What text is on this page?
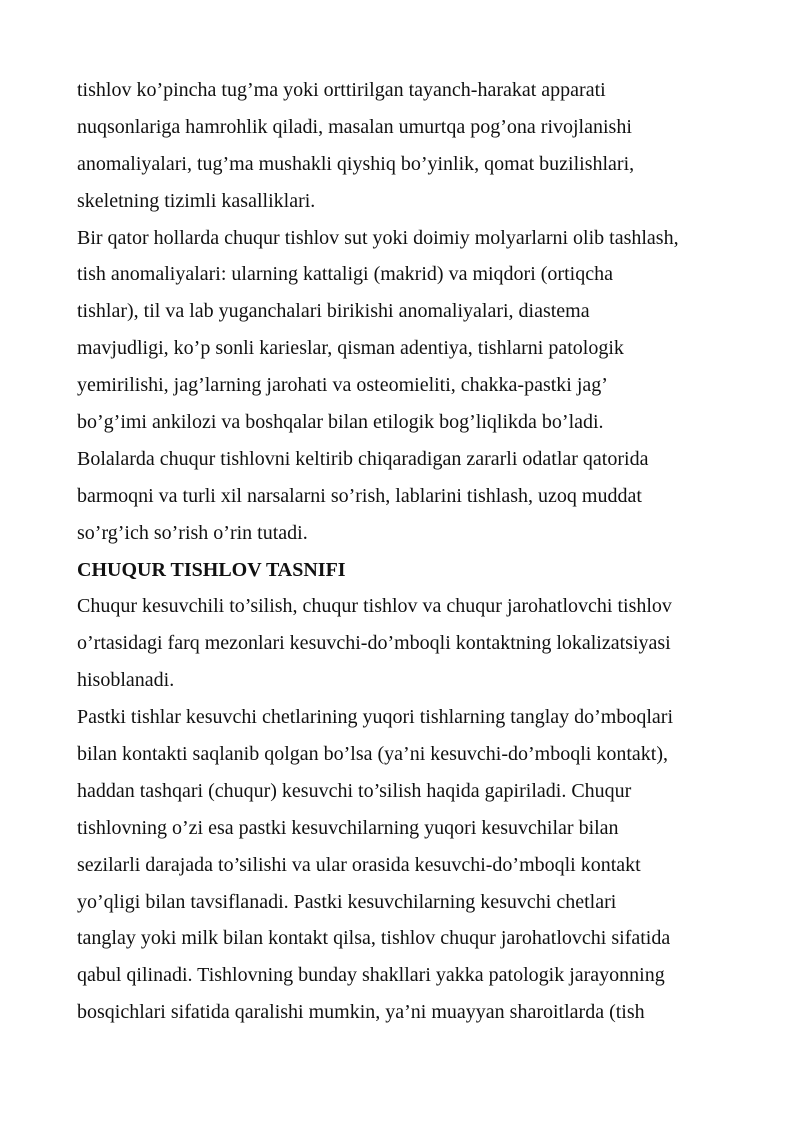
tishlov ko’pincha tug’ma yoki orttirilgan tayanch-harakat apparati
nuqsonlariga hamrohlik qiladi, masalan umurtqa pog’ona rivojlanishi
anomaliyalari, tug’ma mushakli qiyshiq bo’yinlik, qomat buzilishlari,
skeletning tizimli kasalliklari.
Bir qator hollarda chuqur tishlov sut yoki doimiy molyarlarni olib tashlash,
tish anomaliyalari: ularning kattaligi (makrid) va miqdori (ortiqcha
tishlar), til va lab yuganchalari birikishi anomaliyalari, diastema
mavjudligi, ko’p sonli karieslar, qisman adentiya, tishlarni patologik
yemirilishi, jag’larning jarohati va osteomieliti, chakka-pastki jag’
bo’g’imi ankilozi va boshqalar bilan etilogik bog’liqlikda bo’ladi.
Bolalarda chuqur tishlovni keltirib chiqaradigan zararli odatlar qatorida
barmoqni va turli xil narsalarni so’rish, lablarini tishlash, uzoq muddat
so’rg’ich so’rish o’rin tutadi.
CHUQUR TISHLOV TASNIFI
Chuqur kesuvchili to’silish, chuqur tishlov va chuqur jarohatlovchi tishlov
o’rtasidagi farq mezonlari kesuvchi-do’mboqli kontaktning lokalizatsiyasi
hisoblanadi.
Pastki tishlar kesuvchi chetlarining yuqori tishlarning tanglay do’mboqlari
bilan kontakti saqlanib qolgan bo’lsa (ya’ni kesuvchi-do’mboqli kontakt),
haddan tashqari (chuqur) kesuvchi to’silish haqida gapiriladi. Chuqur
tishlovning o’zi esa pastki kesuvchilarning yuqori kesuvchilar bilan
sezilarli darajada to’silishi va ular orasida kesuvchi-do’mboqli kontakt
yo’qligi bilan tavsiflanadi. Pastki kesuvchilarning kesuvchi chetlari
tanglay yoki milk bilan kontakt qilsa, tishlov chuqur jarohatlovchi sifatida
qabul qilinadi. Tishlovning bunday shakllari yakka patologik jarayonning
bosqichlari sifatida qaralishi mumkin, ya’ni muayyan sharoitlarda (tish
